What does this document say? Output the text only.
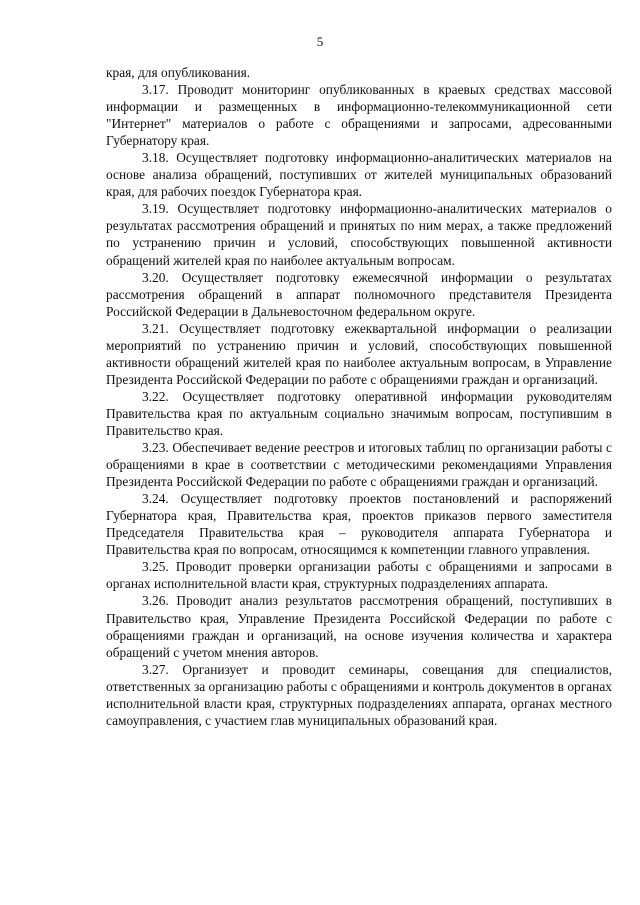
5

края, для опубликования.

3.17. Проводит мониторинг опубликованных в краевых средствах массовой информации и размещенных в информационно-телекоммуникационной сети "Интернет" материалов о работе с обращениями и запросами, адресованными Губернатору края.

3.18. Осуществляет подготовку информационно-аналитических материалов на основе анализа обращений, поступивших от жителей муниципальных образований края, для рабочих поездок Губернатора края.

3.19. Осуществляет подготовку информационно-аналитических материалов о результатах рассмотрения обращений и принятых по ним мерах, а также предложений по устранению причин и условий, способствующих повышенной активности обращений жителей края по наиболее актуальным вопросам.

3.20. Осуществляет подготовку ежемесячной информации о результатах рассмотрения обращений в аппарат полномочного представителя Президента Российской Федерации в Дальневосточном федеральном округе.

3.21. Осуществляет подготовку ежеквартальной информации о реализации мероприятий по устранению причин и условий, способствующих повышенной активности обращений жителей края по наиболее актуальным вопросам, в Управление Президента Российской Федерации по работе с обращениями граждан и организаций.

3.22. Осуществляет подготовку оперативной информации руководителям Правительства края по актуальным социально значимым вопросам, поступившим в Правительство края.

3.23. Обеспечивает ведение реестров и итоговых таблиц по организации работы с обращениями в крае в соответствии с методическими рекомендациями Управления Президента Российской Федерации по работе с обращениями граждан и организаций.

3.24. Осуществляет подготовку проектов постановлений и распоряжений Губернатора края, Правительства края, проектов приказов первого заместителя Председателя Правительства края – руководителя аппарата Губернатора и Правительства края по вопросам, относящимся к компетенции главного управления.

3.25. Проводит проверки организации работы с обращениями и запросами в органах исполнительной власти края, структурных подразделениях аппарата.

3.26. Проводит анализ результатов рассмотрения обращений, поступивших в Правительство края, Управление Президента Российской Федерации по работе с обращениями граждан и организаций, на основе изучения количества и характера обращений с учетом мнения авторов.

3.27. Организует и проводит семинары, совещания для специалистов, ответственных за организацию работы с обращениями и контроль документов в органах исполнительной власти края, структурных подразделениях аппарата, органах местного самоуправления, с участием глав муниципальных образований края.
